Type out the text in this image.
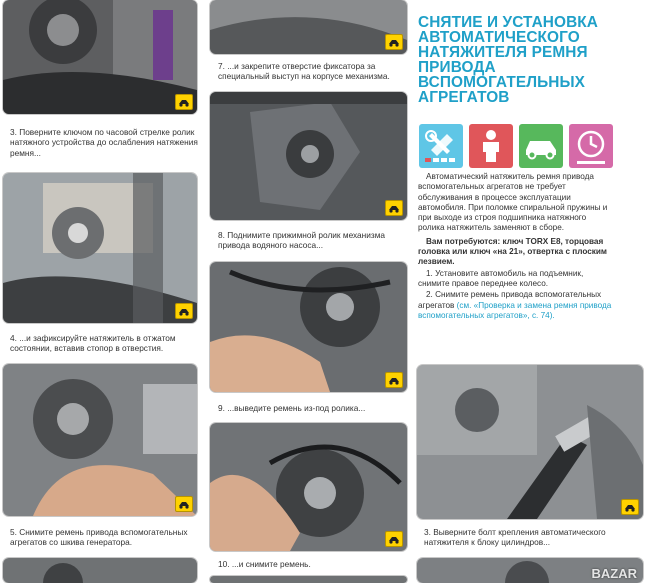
3. Поверните ключом по часовой стрелке ролик натяжного устройства до ослабления натяжения ремня...
4. ...и зафиксируйте натяжитель в отжатом состоянии, вставив стопор в отверстия.
5. Снимите ремень привода вспомогательных агрегатов со шкива генератора.
7. ...и закрепите отверстие фиксатора за специальный выступ на корпусе механизма.
8. Поднимите прижимной ролик механизма привода водяного насоса...
9. ...выведите ремень из-под ролика...
10. ...и снимите ремень.
СНЯТИЕ И УСТАНОВКА
АВТОМАТИЧЕСКОГО
НАТЯЖИТЕЛЯ РЕМНЯ
ПРИВОДА
ВСПОМОГАТЕЛЬНЫХ
АГРЕГАТОВ
Автоматический натяжитель ремня привода вспомогательных агрегатов не требует обслуживания в процессе эксплуатации автомобиля. При поломке спиральной пружины и при выходе из строя подшипника натяжного ролика натяжитель заменяют в сборе.
Вам потребуются: ключ TORX E8, торцовая головка или ключ «на 21», отвертка с плоским лезвием.
1. Установите автомобиль на подъемник, снимите правое переднее колесо.
2. Снимите ремень привода вспомогательных агрегатов (см. «Проверка и замена ремня привода вспомогательных агрегатов», с. 74).
3. Выверните болт крепления автоматического натяжителя к блоку цилиндров...
BAZAR
